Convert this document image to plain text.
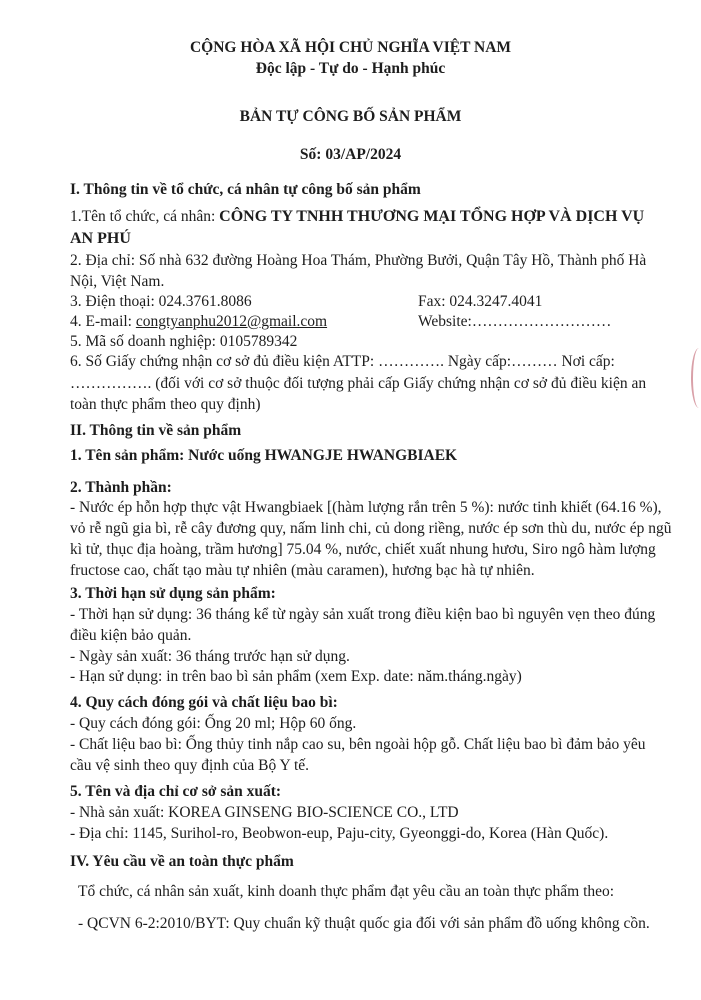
CỘNG HÒA XÃ HỘI CHỦ NGHĨA VIỆT NAM
Độc lập - Tự do - Hạnh phúc
BẢN TỰ CÔNG BỐ SẢN PHẨM
Số: 03/AP/2024
I. Thông tin về tổ chức, cá nhân tự công bố sản phẩm
1.Tên tổ chức, cá nhân: CÔNG TY TNHH THƯƠNG MẠI TỔNG HỢP VÀ DỊCH VỤ
AN PHÚ
2. Địa chỉ: Số nhà 632 đường Hoàng Hoa Thám, Phường Bưởi, Quận Tây Hồ, Thành phố Hà
Nội, Việt Nam.
3. Điện thoại: 024.3761.8086	Fax: 024.3247.4041
4. E-mail: congtyanphu2012@gmail.com	Website:………………………
5. Mã số doanh nghiệp: 0105789342
6. Số Giấy chứng nhận cơ sở đủ điều kiện ATTP: …………. Ngày cấp:……… Nơi cấp:
……………. (đối với cơ sở thuộc đối tượng phải cấp Giấy chứng nhận cơ sở đủ điều kiện an
toàn thực phẩm theo quy định)
II. Thông tin về sản phẩm
1. Tên sản phẩm: Nước uống HWANGJE HWANGBIAEK
2. Thành phần:
- Nước ép hỗn hợp thực vật Hwangbiaek [(hàm lượng rắn trên 5 %): nước tinh khiết (64.16 %),
vỏ rễ ngũ gia bì, rễ cây đương quy, nấm linh chi, củ dong riềng, nước ép sơn thù du, nước ép ngũ
kì tử, thục địa hoàng, trầm hương] 75.04 %, nước, chiết xuất nhung hươu, Siro ngô hàm lượng
fructose cao, chất tạo màu tự nhiên (màu caramen), hương bạc hà tự nhiên.
3. Thời hạn sử dụng sản phẩm:
- Thời hạn sử dụng: 36 tháng kể từ ngày sản xuất trong điều kiện bao bì nguyên vẹn theo đúng
điều kiện bảo quản.
- Ngày sản xuất: 36 tháng trước hạn sử dụng.
- Hạn sử dụng: in trên bao bì sản phẩm (xem Exp. date: năm.tháng.ngày)
4. Quy cách đóng gói và chất liệu bao bì:
- Quy cách đóng gói: Ống 20 ml; Hộp 60 ống.
- Chất liệu bao bì: Ống thủy tinh nắp cao su, bên ngoài hộp gỗ. Chất liệu bao bì đảm bảo yêu
cầu vệ sinh theo quy định của Bộ Y tế.
5. Tên và địa chỉ cơ sở sản xuất:
- Nhà sản xuất: KOREA GINSENG BIO-SCIENCE CO., LTD
- Địa chỉ: 1145, Surihol-ro, Beobwon-eup, Paju-city, Gyeonggi-do, Korea (Hàn Quốc).
IV. Yêu cầu về an toàn thực phẩm
Tổ chức, cá nhân sản xuất, kinh doanh thực phẩm đạt yêu cầu an toàn thực phẩm theo:
- QCVN 6-2:2010/BYT: Quy chuẩn kỹ thuật quốc gia đối với sản phẩm đồ uống không cồn.
